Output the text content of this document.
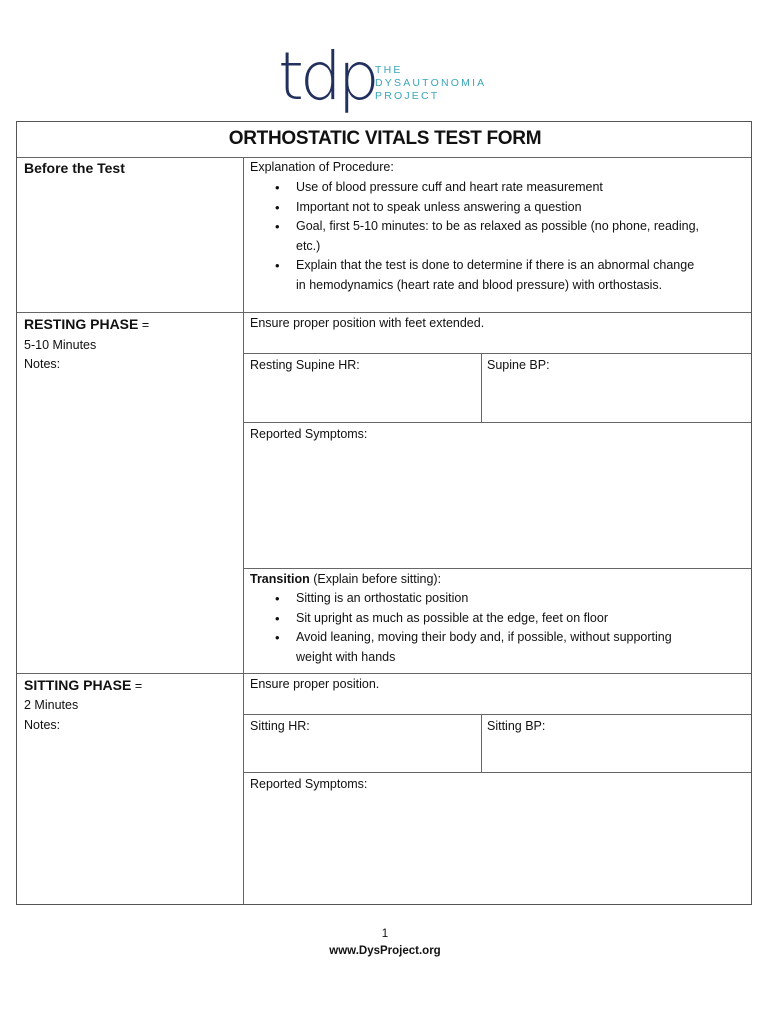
tdp THE
DYSAUTONOMIA
PROJECT
ORTHOSTATIC VITALS TEST FORM
Before the Test	Explanation of Procedure:
• Use of blood pressure cuff and heart rate measurement
• Important not to speak unless answering a question
• Goal, first 5-10 minutes: to be as relaxed as possible (no phone, reading,
etc.)
• Explain that the test is done to determine if there is an abnormal change
in hemodynamics (heart rate and blood pressure) with orthostasis.
RESTING PHASE =
5-10 Minutes
Notes:
Ensure proper position with feet extended.
Resting Supine HR:	Supine BP:
Reported Symptoms:
Transition (Explain before sitting):
• Sitting is an orthostatic position
• Sit upright as much as possible at the edge, feet on floor
• Avoid leaning, moving their body and, if possible, without supporting
weight with hands
SITTING PHASE =
2 Minutes
Notes:
Ensure proper position.
Sitting HR:	Sitting BP:
Reported Symptoms:
1
www.DysProject.org
